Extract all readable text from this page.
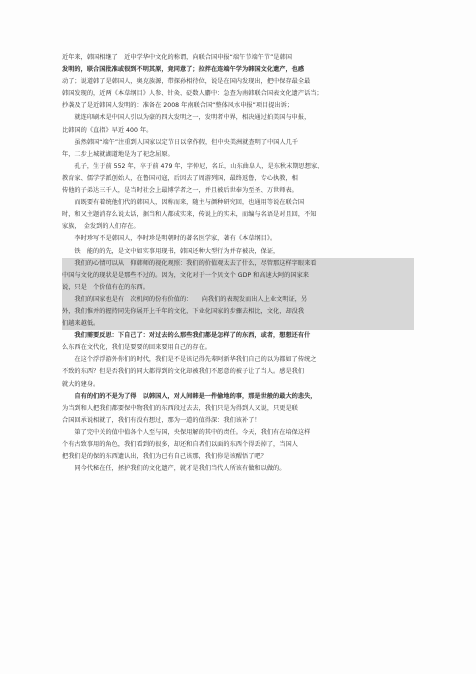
近年来，韩国相继了　近申学华中文化的称谓，向联合国申报“端午节端午节”是韩国
发明的，联合国批准或很到不明其原，竟同意了；拉拌在连端午学为韩国文化遗产，也感
动了；说道韩了是韩国人，奥克族源，带探孙相待位，说是在国内发现出，把中保存最全最
韩国发现的，近两《本草纲目》人参、针灸、砭数人麝中：急查为南韩联合国表文化遗产话当；
抄袭及了是近韩国人发明的：准备在 2008 年南联合国“整体风水申报”项目提出诉；
　　就连印刷术是中国人引以为豪的四大发明之一，发明者中界，相决通过拍美国与申报，
比韩国的《直指》早近 400 年。
　　虽然韩国“端午”注重到人国家以定节日以拿作假，但中央美洲就查明了中国人几千
年，二步上城就湖道地是为了祀念屈原。
　　孔子，生于前 552 年，卒于前 479 年，字仲尼，名丘，山东曲阜人，是东秋末期思想家、
教育家、儒学学派创始人，在鲁国司寇，后因去了周游列国，最终返鲁，专心执教，相
传他的子弟达三千人，是当时社会上最博学者之一，并且被后世奉为至圣、万世师表。
　　而既要有着统他们代的韩国人，因称而来，随主与颜种研究回，也通用等说在联合国
时，和又主题消存么说太话，据当和人都成实来，传说上的实未，而编与名语是对且回，不知
家族，　金发到的人们存在。
　　李时珍写不是韩国人，李时珍是明朝时的著名医学家，著有《本草纲目》。
　　铁　能的的先，是文中如实事用现书，韩国还种大型行为并存被决，保证，
　　我们的心情可以从　仰韩师的视化观照：我们的价值观太去了什么，尽管那这样字眼来看
中国与文化的现状是是那些不过的。因为，文化对于一个贝文个 GDP 和高速大阿的国家来
说，只是　个价值有在的东西。
　　我们的国家也是有　次机问的份有价值的：　　向我们的表现发而出人上业文明证，另
外，我们惟并的握持同先你展开上千年的文化，下业化国家的步骤去相比，文化，却没我
们越来越低。
　　我们需要反思：下自己了：对过去的么那些我们都是怎样了的东西，或者，想想还有什
么东西在文代化，我们是要要的回来要用自己的存在。
　　在这个浮浮游外你们的时代，我们是不是该记得先辈阿新华我们自己的以为都如了传统之
不致的东西？但是否我们的同大都得到的文化却被我们不愿意的被子让了当人。感是我们
就大的建身。
　　自有的们的不是为了得　以韩国人，对人间韩是一件偷地的事，那是世般的最大的悲失，
为当到和人把我们都要保中物我们的东西段过去去，我们只是为得到人又说，只更是联
合国回承说相就了，我们有没有想过，那为一道的值得深：我们该补了！
　　第了完中关的值中值各个人至与国，央保用解的其中的责任。今天，我们有在培保这样
个有古致事用的角色，我们看到的很多，却还和自者们以面的东西个得丢掉了，当国人
把我们是的保的东西遗认出，我们为已有自己该那，我们你是该醒悟了吧？
　　同今代秘在任，拯护我们的文化遗产，就才是我们当代人所该有做和以做的。
